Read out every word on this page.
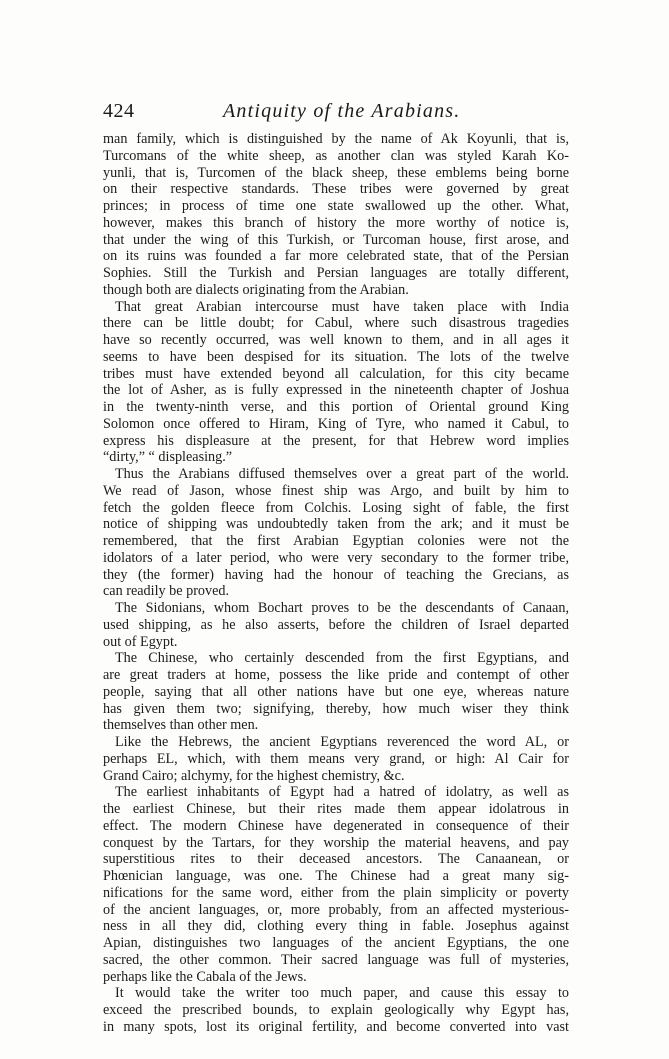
424	Antiquity of the Arabians.
man family, which is distinguished by the name of Ak Koyunli, that is,
Turcomans of the white sheep, as another clan was styled Karah Ko-
yunli, that is, Turcomen of the black sheep, these emblems being borne
on their respective standards. These tribes were governed by great
princes; in process of time one state swallowed up the other. What,
however, makes this branch of history the more worthy of notice is,
that under the wing of this Turkish, or Turcoman house, first arose, and
on its ruins was founded a far more celebrated state, that of the Persian
Sophies. Still the Turkish and Persian languages are totally different,
though both are dialects originating from the Arabian.
That great Arabian intercourse must have taken place with India
there can be little doubt; for Cabul, where such disastrous tragedies
have so recently occurred, was well known to them, and in all ages it
seems to have been despised for its situation. The lots of the twelve
tribes must have extended beyond all calculation, for this city became
the lot of Asher, as is fully expressed in the nineteenth chapter of Joshua
in the twenty-ninth verse, and this portion of Oriental ground King
Solomon once offered to Hiram, King of Tyre, who named it Cabul, to
express his displeasure at the present, for that Hebrew word implies
“dirty,” “ displeasing.”
Thus the Arabians diffused themselves over a great part of the world.
We read of Jason, whose finest ship was Argo, and built by him to
fetch the golden fleece from Colchis. Losing sight of fable, the first
notice of shipping was undoubtedly taken from the ark; and it must be
remembered, that the first Arabian Egyptian colonies were not the
idolators of a later period, who were very secondary to the former tribe,
they (the former) having had the honour of teaching the Grecians, as
can readily be proved.
The Sidonians, whom Bochart proves to be the descendants of Canaan,
used shipping, as he also asserts, before the children of Israel departed
out of Egypt.
The Chinese, who certainly descended from the first Egyptians, and
are great traders at home, possess the like pride and contempt of other
people, saying that all other nations have but one eye, whereas nature
has given them two; signifying, thereby, how much wiser they think
themselves than other men.
Like the Hebrews, the ancient Egyptians reverenced the word AL, or
perhaps EL, which, with them means very grand, or high: Al Cair for
Grand Cairo; alchymy, for the highest chemistry, &c.
The earliest inhabitants of Egypt had a hatred of idolatry, as well as
the earliest Chinese, but their rites made them appear idolatrous in
effect. The modern Chinese have degenerated in consequence of their
conquest by the Tartars, for they worship the material heavens, and pay
superstitious rites to their deceased ancestors. The Canaanean, or
Phœnician language, was one. The Chinese had a great many sig-
nifications for the same word, either from the plain simplicity or poverty
of the ancient languages, or, more probably, from an affected mysterious-
ness in all they did, clothing every thing in fable. Josephus against
Apian, distinguishes two languages of the ancient Egyptians, the one
sacred, the other common. Their sacred language was full of mysteries,
perhaps like the Cabala of the Jews.
It would take the writer too much paper, and cause this essay to
exceed the prescribed bounds, to explain geologically why Egypt has,
in many spots, lost its original fertility, and become converted into vast
